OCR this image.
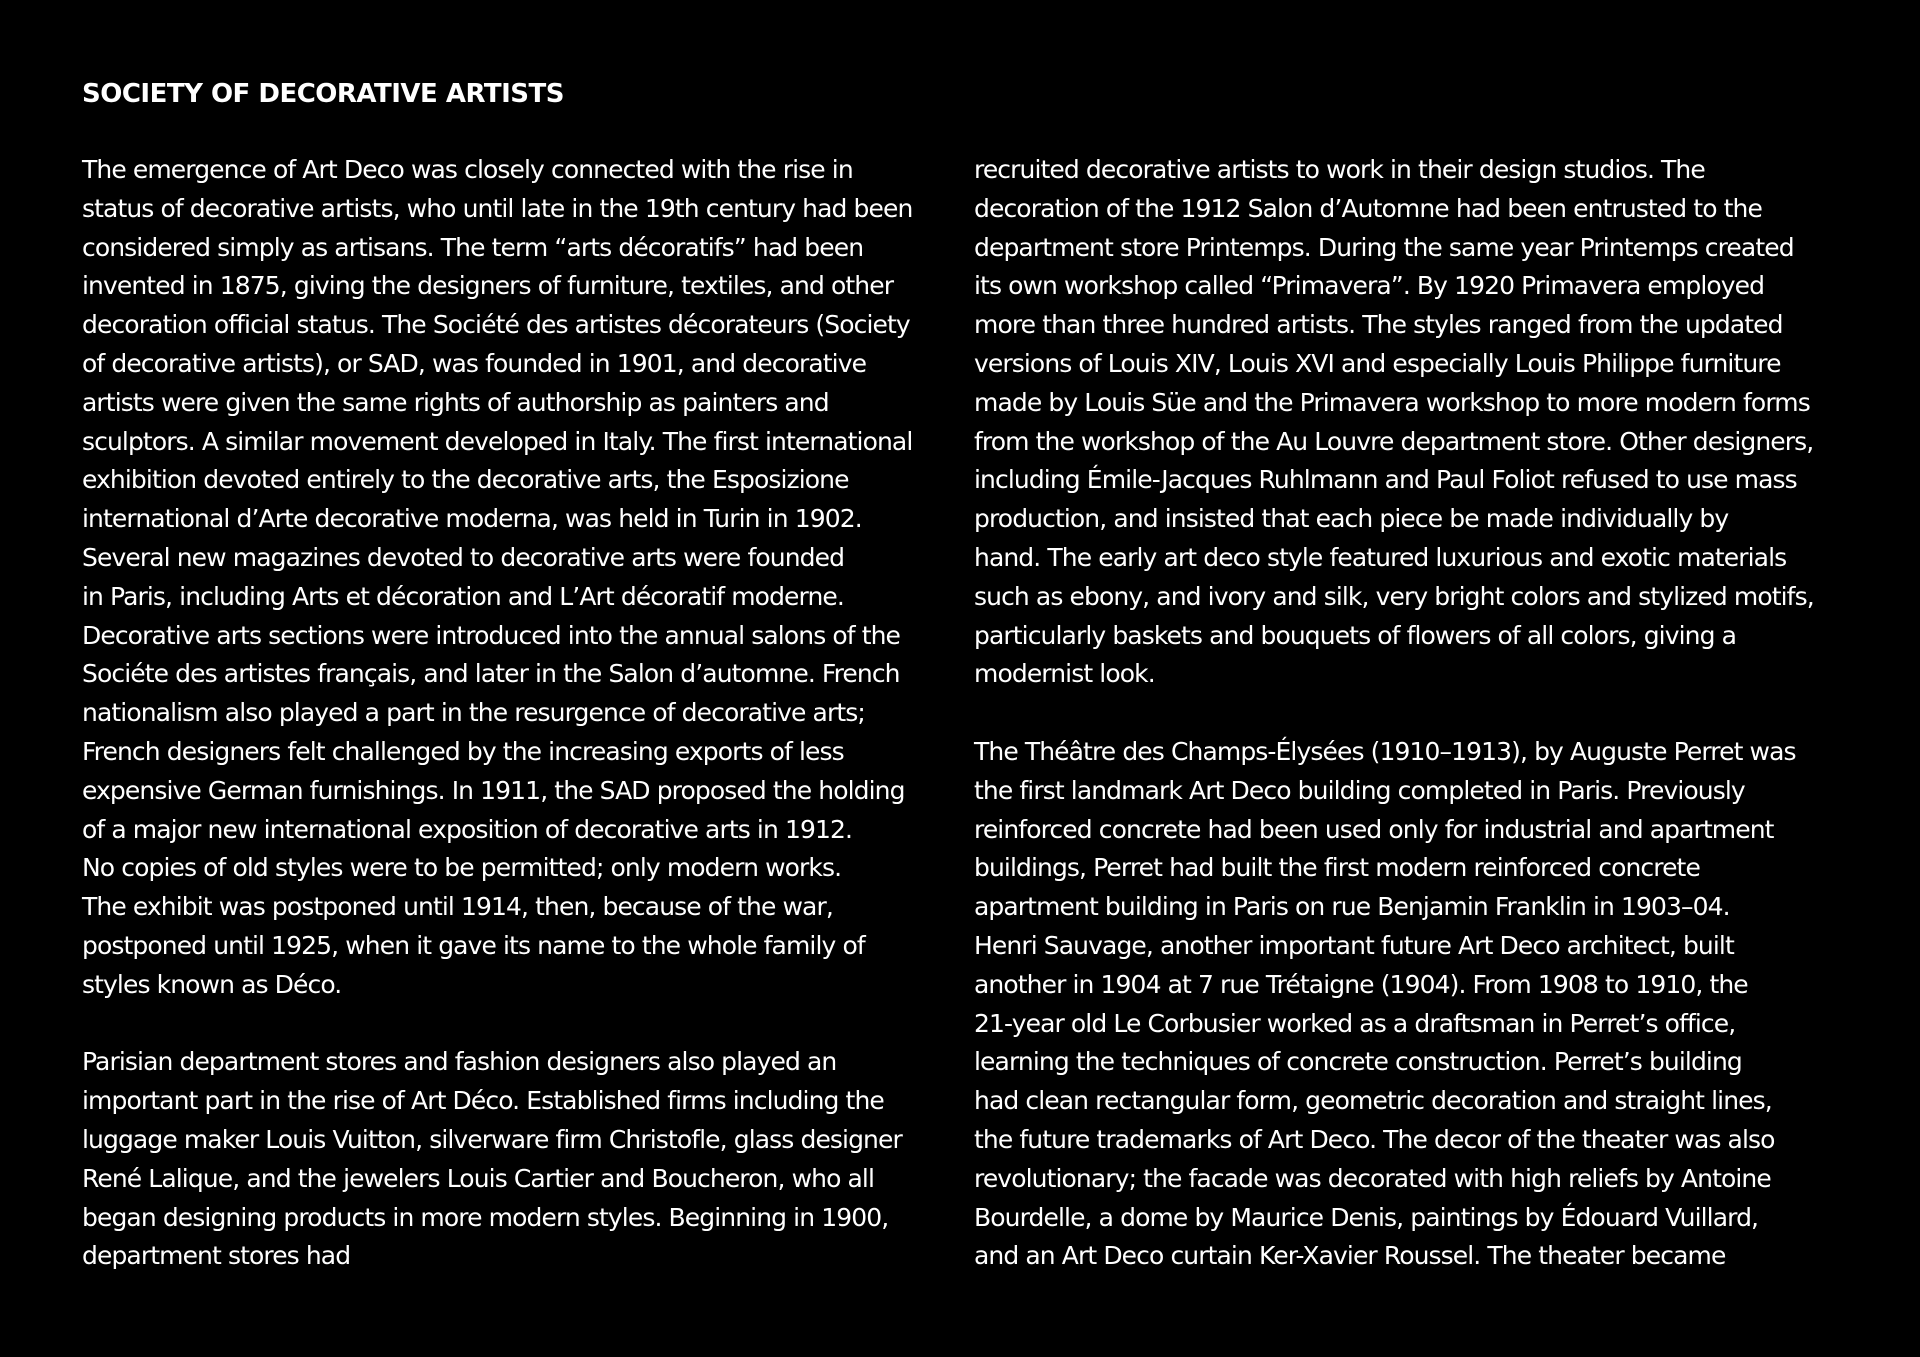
SOCIETY OF DECORATIVE ARTISTS
The emergence of Art Deco was closely connected with the rise in
status of decorative artists, who until late in the 19th century had been
considered simply as artisans. The term “arts décoratifs” had been
invented in 1875, giving the designers of furniture, textiles, and other
decoration official status. The Société des artistes décorateurs (Society
of decorative artists), or SAD, was founded in 1901, and decorative
artists were given the same rights of authorship as painters and
sculptors. A similar movement developed in Italy. The first international
exhibition devoted entirely to the decorative arts, the Esposizione
international d’Arte decorative moderna, was held in Turin in 1902.
Several new magazines devoted to decorative arts were founded
in Paris, including Arts et décoration and L’Art décoratif moderne.
Decorative arts sections were introduced into the annual salons of the
Sociéte des artistes français, and later in the Salon d’automne. French
nationalism also played a part in the resurgence of decorative arts;
French designers felt challenged by the increasing exports of less
expensive German furnishings. In 1911, the SAD proposed the holding
of a major new international exposition of decorative arts in 1912.
No copies of old styles were to be permitted; only modern works.
The exhibit was postponed until 1914, then, because of the war,
postponed until 1925, when it gave its name to the whole family of
styles known as Déco.
Parisian department stores and fashion designers also played an
important part in the rise of Art Déco. Established firms including the
luggage maker Louis Vuitton, silverware firm Christofle, glass designer
René Lalique, and the jewelers Louis Cartier and Boucheron, who all
began designing products in more modern styles. Beginning in 1900,
department stores had
recruited decorative artists to work in their design studios. The
decoration of the 1912 Salon d’Automne had been entrusted to the
department store Printemps. During the same year Printemps created
its own workshop called “Primavera”. By 1920 Primavera employed
more than three hundred artists. The styles ranged from the updated
versions of Louis XIV, Louis XVI and especially Louis Philippe furniture
made by Louis Süe and the Primavera workshop to more modern forms
from the workshop of the Au Louvre department store. Other designers,
including Émile-Jacques Ruhlmann and Paul Foliot refused to use mass
production, and insisted that each piece be made individually by
hand. The early art deco style featured luxurious and exotic materials
such as ebony, and ivory and silk, very bright colors and stylized motifs,
particularly baskets and bouquets of flowers of all colors, giving a
modernist look.
The Théâtre des Champs-Élysées (1910–1913), by Auguste Perret was
the first landmark Art Deco building completed in Paris. Previously
reinforced concrete had been used only for industrial and apartment
buildings, Perret had built the first modern reinforced concrete
apartment building in Paris on rue Benjamin Franklin in 1903–04.
Henri Sauvage, another important future Art Deco architect, built
another in 1904 at 7 rue Trétaigne (1904). From 1908 to 1910, the
21-year old Le Corbusier worked as a draftsman in Perret’s office,
learning the techniques of concrete construction. Perret’s building
had clean rectangular form, geometric decoration and straight lines,
the future trademarks of Art Deco. The decor of the theater was also
revolutionary; the facade was decorated with high reliefs by Antoine
Bourdelle, a dome by Maurice Denis, paintings by Édouard Vuillard,
and an Art Deco curtain Ker-Xavier Roussel. The theater became
